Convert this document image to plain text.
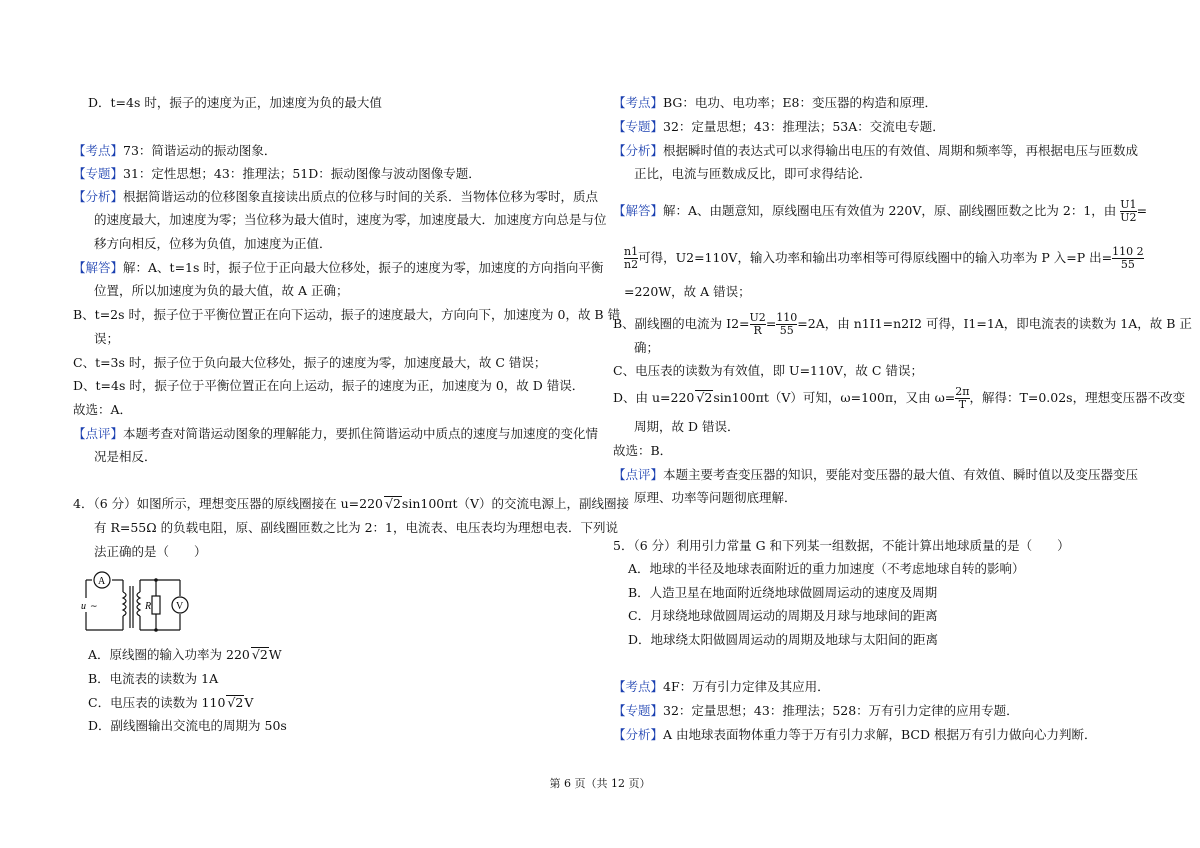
D．t=4s 时，振子的速度为正，加速度为负的最大值
【考点】73：简谐运动的振动图象．
【专题】31：定性思想；43：推理法；51D：振动图像与波动图像专题．
【分析】根据简谐运动的位移图象直接读出质点的位移与时间的关系．当物体位移为零时，质点
的速度最大，加速度为零；当位移为最大值时，速度为零，加速度最大．加速度方向总是与位
移方向相反，位移为负值，加速度为正值．
【解答】解：A、t=1s 时，振子位于正向最大位移处，振子的速度为零，加速度的方向指向平衡
位置，所以加速度为负的最大值，故 A 正确；
B、t=2s 时，振子位于平衡位置正在向下运动，振子的速度最大，方向向下，加速度为 0，故 B 错
误；
C、t=3s 时，振子位于负向最大位移处，振子的速度为零，加速度最大，故 C 错误；
D、t=4s 时，振子位于平衡位置正在向上运动，振子的速度为正，加速度为 0，故 D 错误．
故选：A．
【点评】本题考查对简谐运动图象的理解能力，要抓住简谐运动中质点的速度与加速度的变化情
况是相反．
4．（6 分）如图所示，理想变压器的原线圈接在 u=220 √2sin100πt（V）的交流电源上，副线圈接
有 R=55Ω 的负载电阻，原、副线圈匝数之比为 2：1，电流表、电压表均为理想电表．下列说
法正确的是（　　）
u ~
A
R V
A．原线圈的输入功率为 220 √2W
B．电流表的读数为 1A
C．电压表的读数为 110 √2V
D．副线圈输出交流电的周期为 50s
【考点】BG：电功、电功率；E8：变压器的构造和原理．
【专题】32：定量思想；43：推理法；53A：交流电专题．
【分析】根据瞬时值的表达式可以求得输出电压的有效值、周期和频率等，再根据电压与匝数成
正比，电流与匝数成反比，即可求得结论．
【解答】解：A、由题意知，原线圈电压有效值为 220V，原、副线圈匝数之比为 2：1，由 $\frac{U1}{U2}$ =
$\frac{n1}{n2}$ 可得，U2=110V，输入功率和输出功率相等可得原线圈中的输入功率为 P 入=P 出= $\frac{110 2}{55}$
=220W，故 A 错误；
B、副线圈的电流为 $I2= \frac{U2}{R} = \frac{110}{55} =2A$，由 n1I1=n2I2 可得，I1=1A，即电流表的读数为 1A，故 B 正
确；
C、电压表的读数为有效值，即 U=110V，故 C 错误；
D、由 u=220 √2sin100πt（V）可知，ω=100π，又由 $\omega= \frac{2\pi}{T}$ ，解得：T=0.02s，理想变压器不改变
周期，故 D 错误．
故选：B．
【点评】本题主要考查变压器的知识，要能对变压器的最大值、有效值、瞬时值以及变压器变压
原理、功率等问题彻底理解．
5．（6 分）利用引力常量 G 和下列某一组数据，不能计算出地球质量的是（　　）
A．地球的半径及地球表面附近的重力加速度（不考虑地球自转的影响）
B．人造卫星在地面附近绕地球做圆周运动的速度及周期
C．月球绕地球做圆周运动的周期及月球与地球间的距离
D．地球绕太阳做圆周运动的周期及地球与太阳间的距离
【考点】4F：万有引力定律及其应用．
【专题】32：定量思想；43：推理法；528：万有引力定律的应用专题．
【分析】A 由地球表面物体重力等于万有引力求解，BCD 根据万有引力做向心力判断．
第 6 页（共 12 页）
